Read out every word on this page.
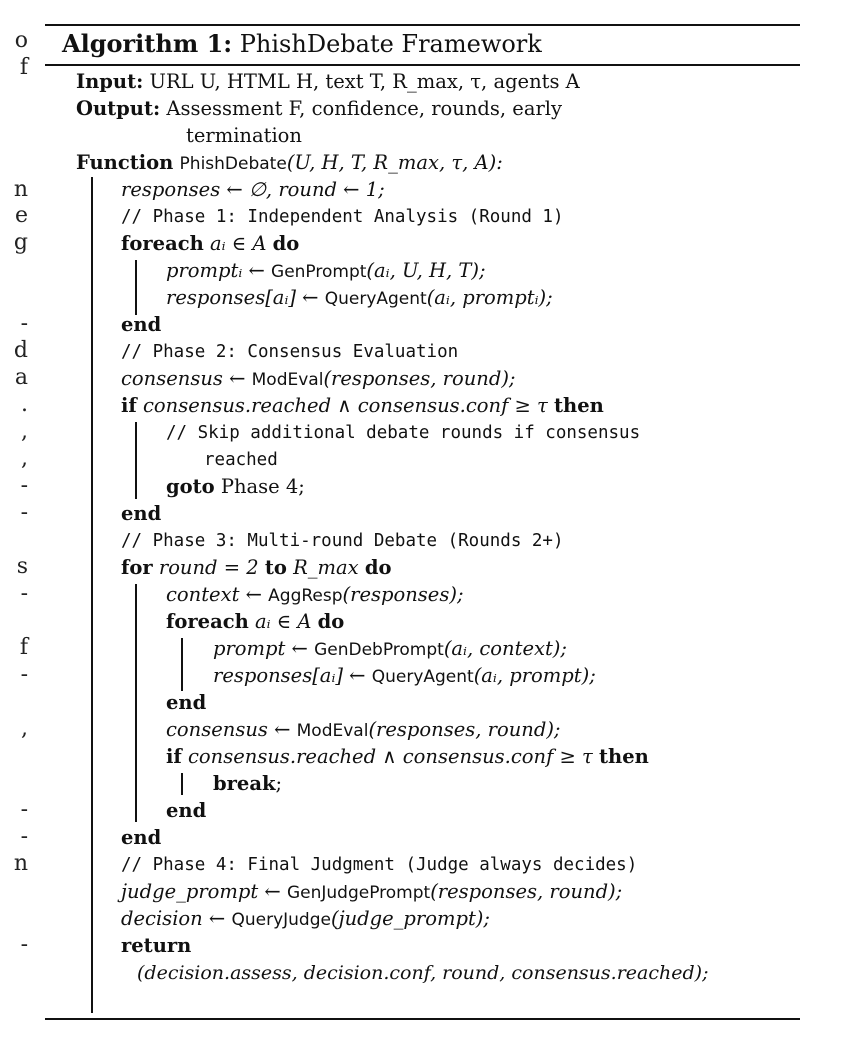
o
f
n
e
g
-
d
a
.
,
,
-
-
s
-
f
-
,
-
-
n
-
Algorithm 1: PhishDebate Framework
Input: URL U, HTML H, text T, R_max, τ, agents A
Output: Assessment F, confidence, rounds, early
termination
Function PhishDebate(U, H, T, R_max, τ, A):
responses ← ∅, round ← 1;
// Phase 1: Independent Analysis (Round 1)
foreach aᵢ ∈ A do
promptᵢ ← GenPrompt(aᵢ, U, H, T);
responses[aᵢ] ← QueryAgent(aᵢ, promptᵢ);
end
// Phase 2: Consensus Evaluation
consensus ← ModEval(responses, round);
if consensus.reached ∧ consensus.conf ≥ τ then
// Skip additional debate rounds if consensus
reached
goto Phase 4;
end
// Phase 3: Multi-round Debate (Rounds 2+)
for round = 2 to R_max do
context ← AggResp(responses);
foreach aᵢ ∈ A do
prompt ← GenDebPrompt(aᵢ, context);
responses[aᵢ] ← QueryAgent(aᵢ, prompt);
end
consensus ← ModEval(responses, round);
if consensus.reached ∧ consensus.conf ≥ τ then
break;
end
end
// Phase 4: Final Judgment (Judge always decides)
judge_prompt ← GenJudgePrompt(responses, round);
decision ← QueryJudge(judge_prompt);
return
(decision.assess, decision.conf, round, consensus.reached);
